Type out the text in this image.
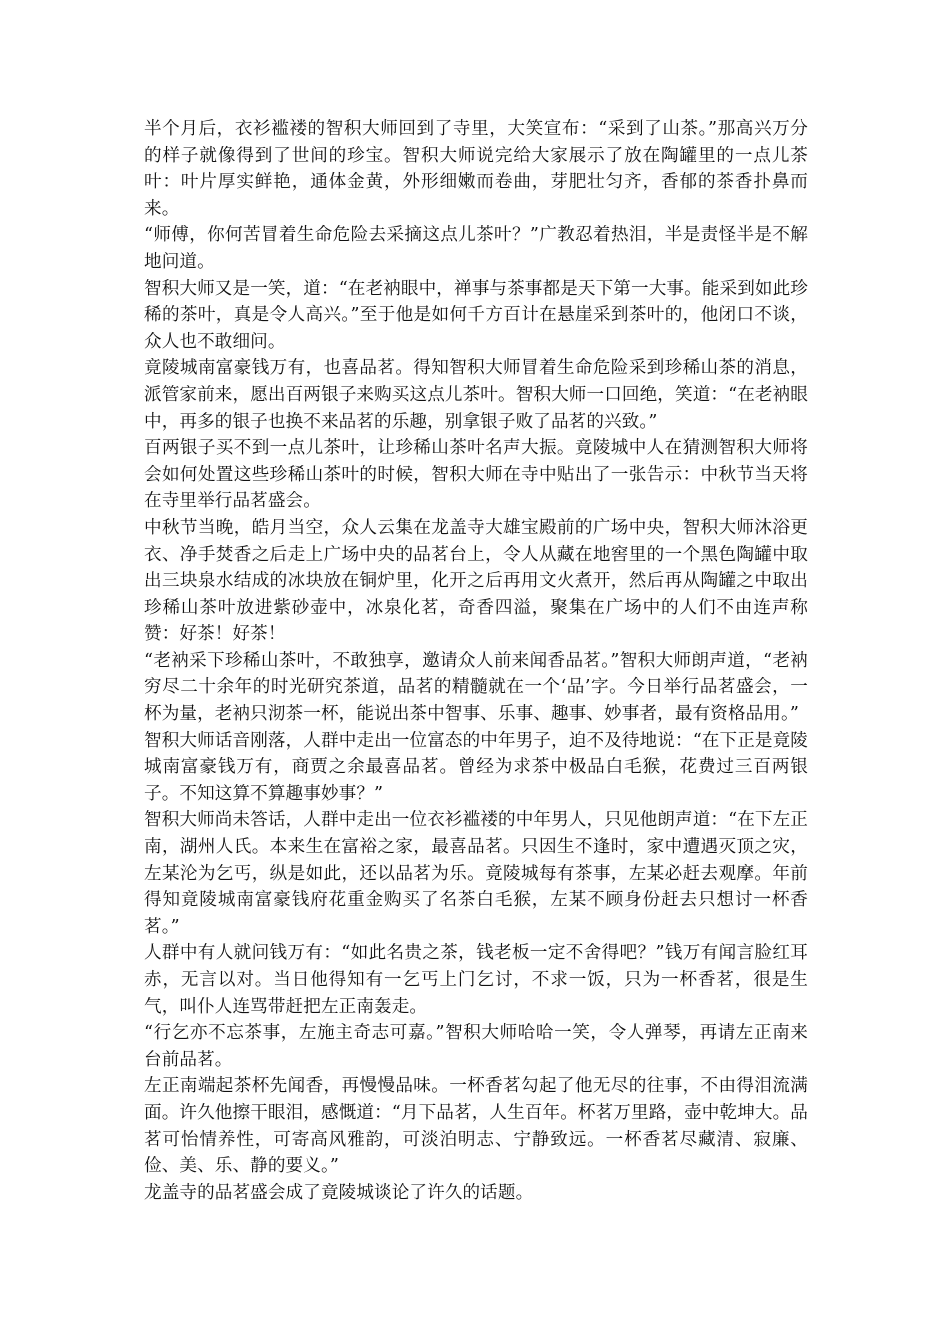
半个月后，衣衫褴褛的智积大师回到了寺里，大笑宣布：“采到了山茶。”那高兴万分的样子就像得到了世间的珍宝。智积大师说完给大家展示了放在陶罐里的一点儿茶叶：叶片厚实鲜艳，通体金黄，外形细嫩而卷曲，芽肥壮匀齐，香郁的茶香扑鼻而来。

“师傅，你何苦冒着生命危险去采摘这点儿茶叶？”广教忍着热泪，半是责怪半是不解地问道。

智积大师又是一笑，道：“在老衲眼中，禅事与茶事都是天下第一大事。能采到如此珍稀的茶叶，真是令人高兴。”至于他是如何千方百计在悬崖采到茶叶的，他闭口不谈，众人也不敢细问。

竟陵城南富豪钱万有，也喜品茗。得知智积大师冒着生命危险采到珍稀山茶的消息，派管家前来，愿出百两银子来购买这点儿茶叶。智积大师一口回绝，笑道：“在老衲眼中，再多的银子也换不来品茗的乐趣，别拿银子败了品茗的兴致。”

百两银子买不到一点儿茶叶，让珍稀山茶叶名声大振。竟陵城中人在猜测智积大师将会如何处置这些珍稀山茶叶的时候，智积大师在寺中贴出了一张告示：中秋节当天将在寺里举行品茗盛会。

中秋节当晚，皓月当空，众人云集在龙盖寺大雄宝殿前的广场中央，智积大师沐浴更衣、净手焚香之后走上广场中央的品茗台上，令人从藏在地窖里的一个黑色陶罐中取出三块泉水结成的冰块放在铜炉里，化开之后再用文火煮开，然后再从陶罐之中取出珍稀山茶叶放进紫砂壶中，冰泉化茗，奇香四溢，聚集在广场中的人们不由连声称赞：好茶！好茶！

“老衲采下珍稀山茶叶，不敢独享，邀请众人前来闻香品茗。”智积大师朗声道，“老衲穷尽二十余年的时光研究茶道，品茗的精髓就在一个‘品’字。今日举行品茗盛会，一杯为量，老衲只沏茶一杯，能说出茶中智事、乐事、趣事、妙事者，最有资格品用。”

智积大师话音刚落，人群中走出一位富态的中年男子，迫不及待地说：“在下正是竟陵城南富豪钱万有，商贾之余最喜品茗。曾经为求茶中极品白毛猴，花费过三百两银子。不知这算不算趣事妙事？”

智积大师尚未答话，人群中走出一位衣衫褴褛的中年男人，只见他朗声道：“在下左正南，湖州人氏。本来生在富裕之家，最喜品茗。只因生不逢时，家中遭遇灭顶之灾，左某沦为乞丐，纵是如此，还以品茗为乐。竟陵城每有茶事，左某必赶去观摩。年前得知竟陵城南富豪钱府花重金购买了名茶白毛猴，左某不顾身份赶去只想讨一杯香茗。”

人群中有人就问钱万有：“如此名贵之茶，钱老板一定不舍得吧？”钱万有闻言脸红耳赤，无言以对。当日他得知有一乞丐上门乞讨，不求一饭，只为一杯香茗，很是生气，叫仆人连骂带赶把左正南轰走。

“行乞亦不忘茶事，左施主奇志可嘉。”智积大师哈哈一笑，令人弹琴，再请左正南来台前品茗。

左正南端起茶杯先闻香，再慢慢品味。一杯香茗勾起了他无尽的往事，不由得泪流满面。许久他擦干眼泪，感慨道：“月下品茗，人生百年。杯茗万里路，壶中乾坤大。品茗可怡情养性，可寄高风雅韵，可淡泊明志、宁静致远。一杯香茗尽藏清、寂廉、俭、美、乐、静的要义。”

龙盖寺的品茗盛会成了竟陵城谈论了许久的话题。
